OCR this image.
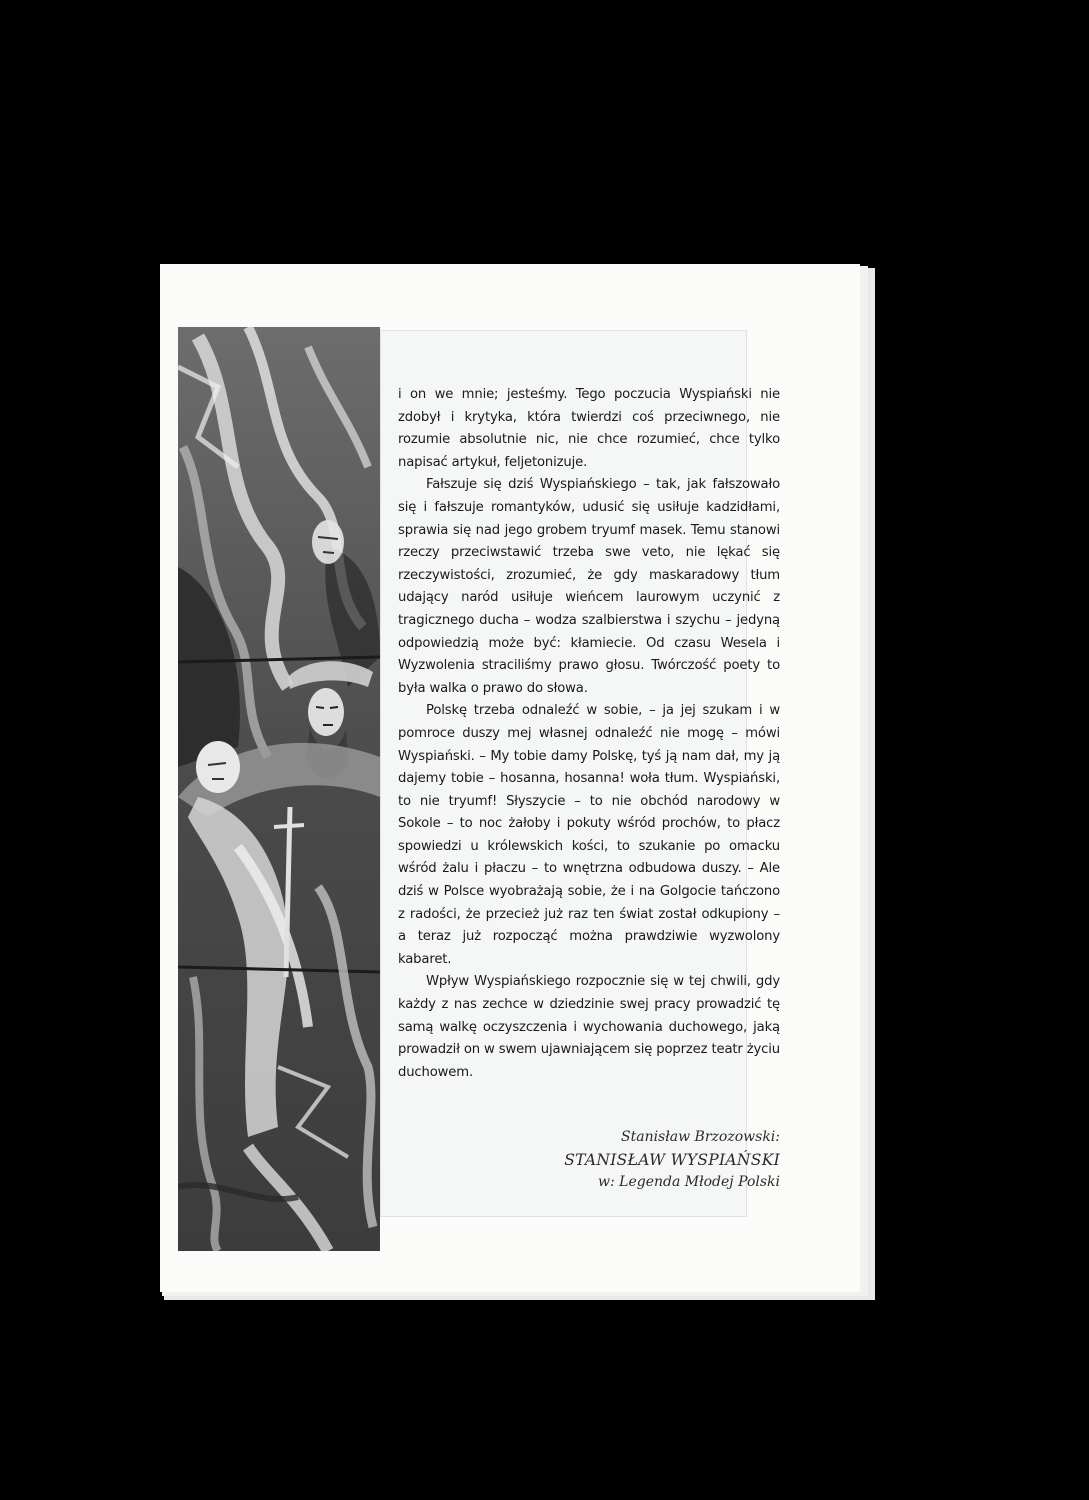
i on we mnie; jesteśmy. Tego poczucia Wyspiański nie zdobył i krytyka, która twierdzi coś przeciwnego, nie rozumie absolutnie nic, nie chce rozumieć, chce tylko napisać artykuł, feljetonizuje.

Fałszuje się dziś Wyspiańskiego – tak, jak fałszowało się i fałszuje romantyków, udusić się usiłuje kadzidłami, sprawia się nad jego grobem tryumf masek. Temu stanowi rzeczy przeciwstawić trzeba swe veto, nie lękać się rzeczywistości, zrozumieć, że gdy maskaradowy tłum udający naród usiłuje wieńcem laurowym uczynić z tragicznego ducha – wodza szalbierstwa i szychu – jedyną odpowiedzią może być: kłamiecie. Od czasu Wesela i Wyzwolenia straciliśmy prawo głosu. Twórczość poety to była walka o prawo do słowa.

Polskę trzeba odnaleźć w sobie, – ja jej szukam i w pomroce duszy mej własnej odnaleźć nie mogę – mówi Wyspiański. – My tobie damy Polskę, tyś ją nam dał, my ją dajemy tobie – hosanna, hosanna! woła tłum. Wyspiański, to nie tryumf! Słyszycie – to nie obchód narodowy w Sokole – to noc żałoby i pokuty wśród prochów, to płacz spowiedzi u królewskich kości, to szukanie po omacku wśród żalu i płaczu – to wnętrzna odbudowa duszy. – Ale dziś w Polsce wyobrażają sobie, że i na Golgocie tańczono z radości, że przecież już raz ten świat został odkupiony – a teraz już rozpocząć można prawdziwie wyzwolony kabaret.

Wpływ Wyspiańskiego rozpocznie się w tej chwili, gdy każdy z nas zechce w dziedzinie swej pracy prowadzić tę samą walkę oczyszczenia i wychowania duchowego, jaką prowadził on w swem ujawniającem się poprzez teatr życiu duchowem.

Stanisław Brzozowski:
STANISŁAW WYSPIAŃSKI
w: Legenda Młodej Polski
